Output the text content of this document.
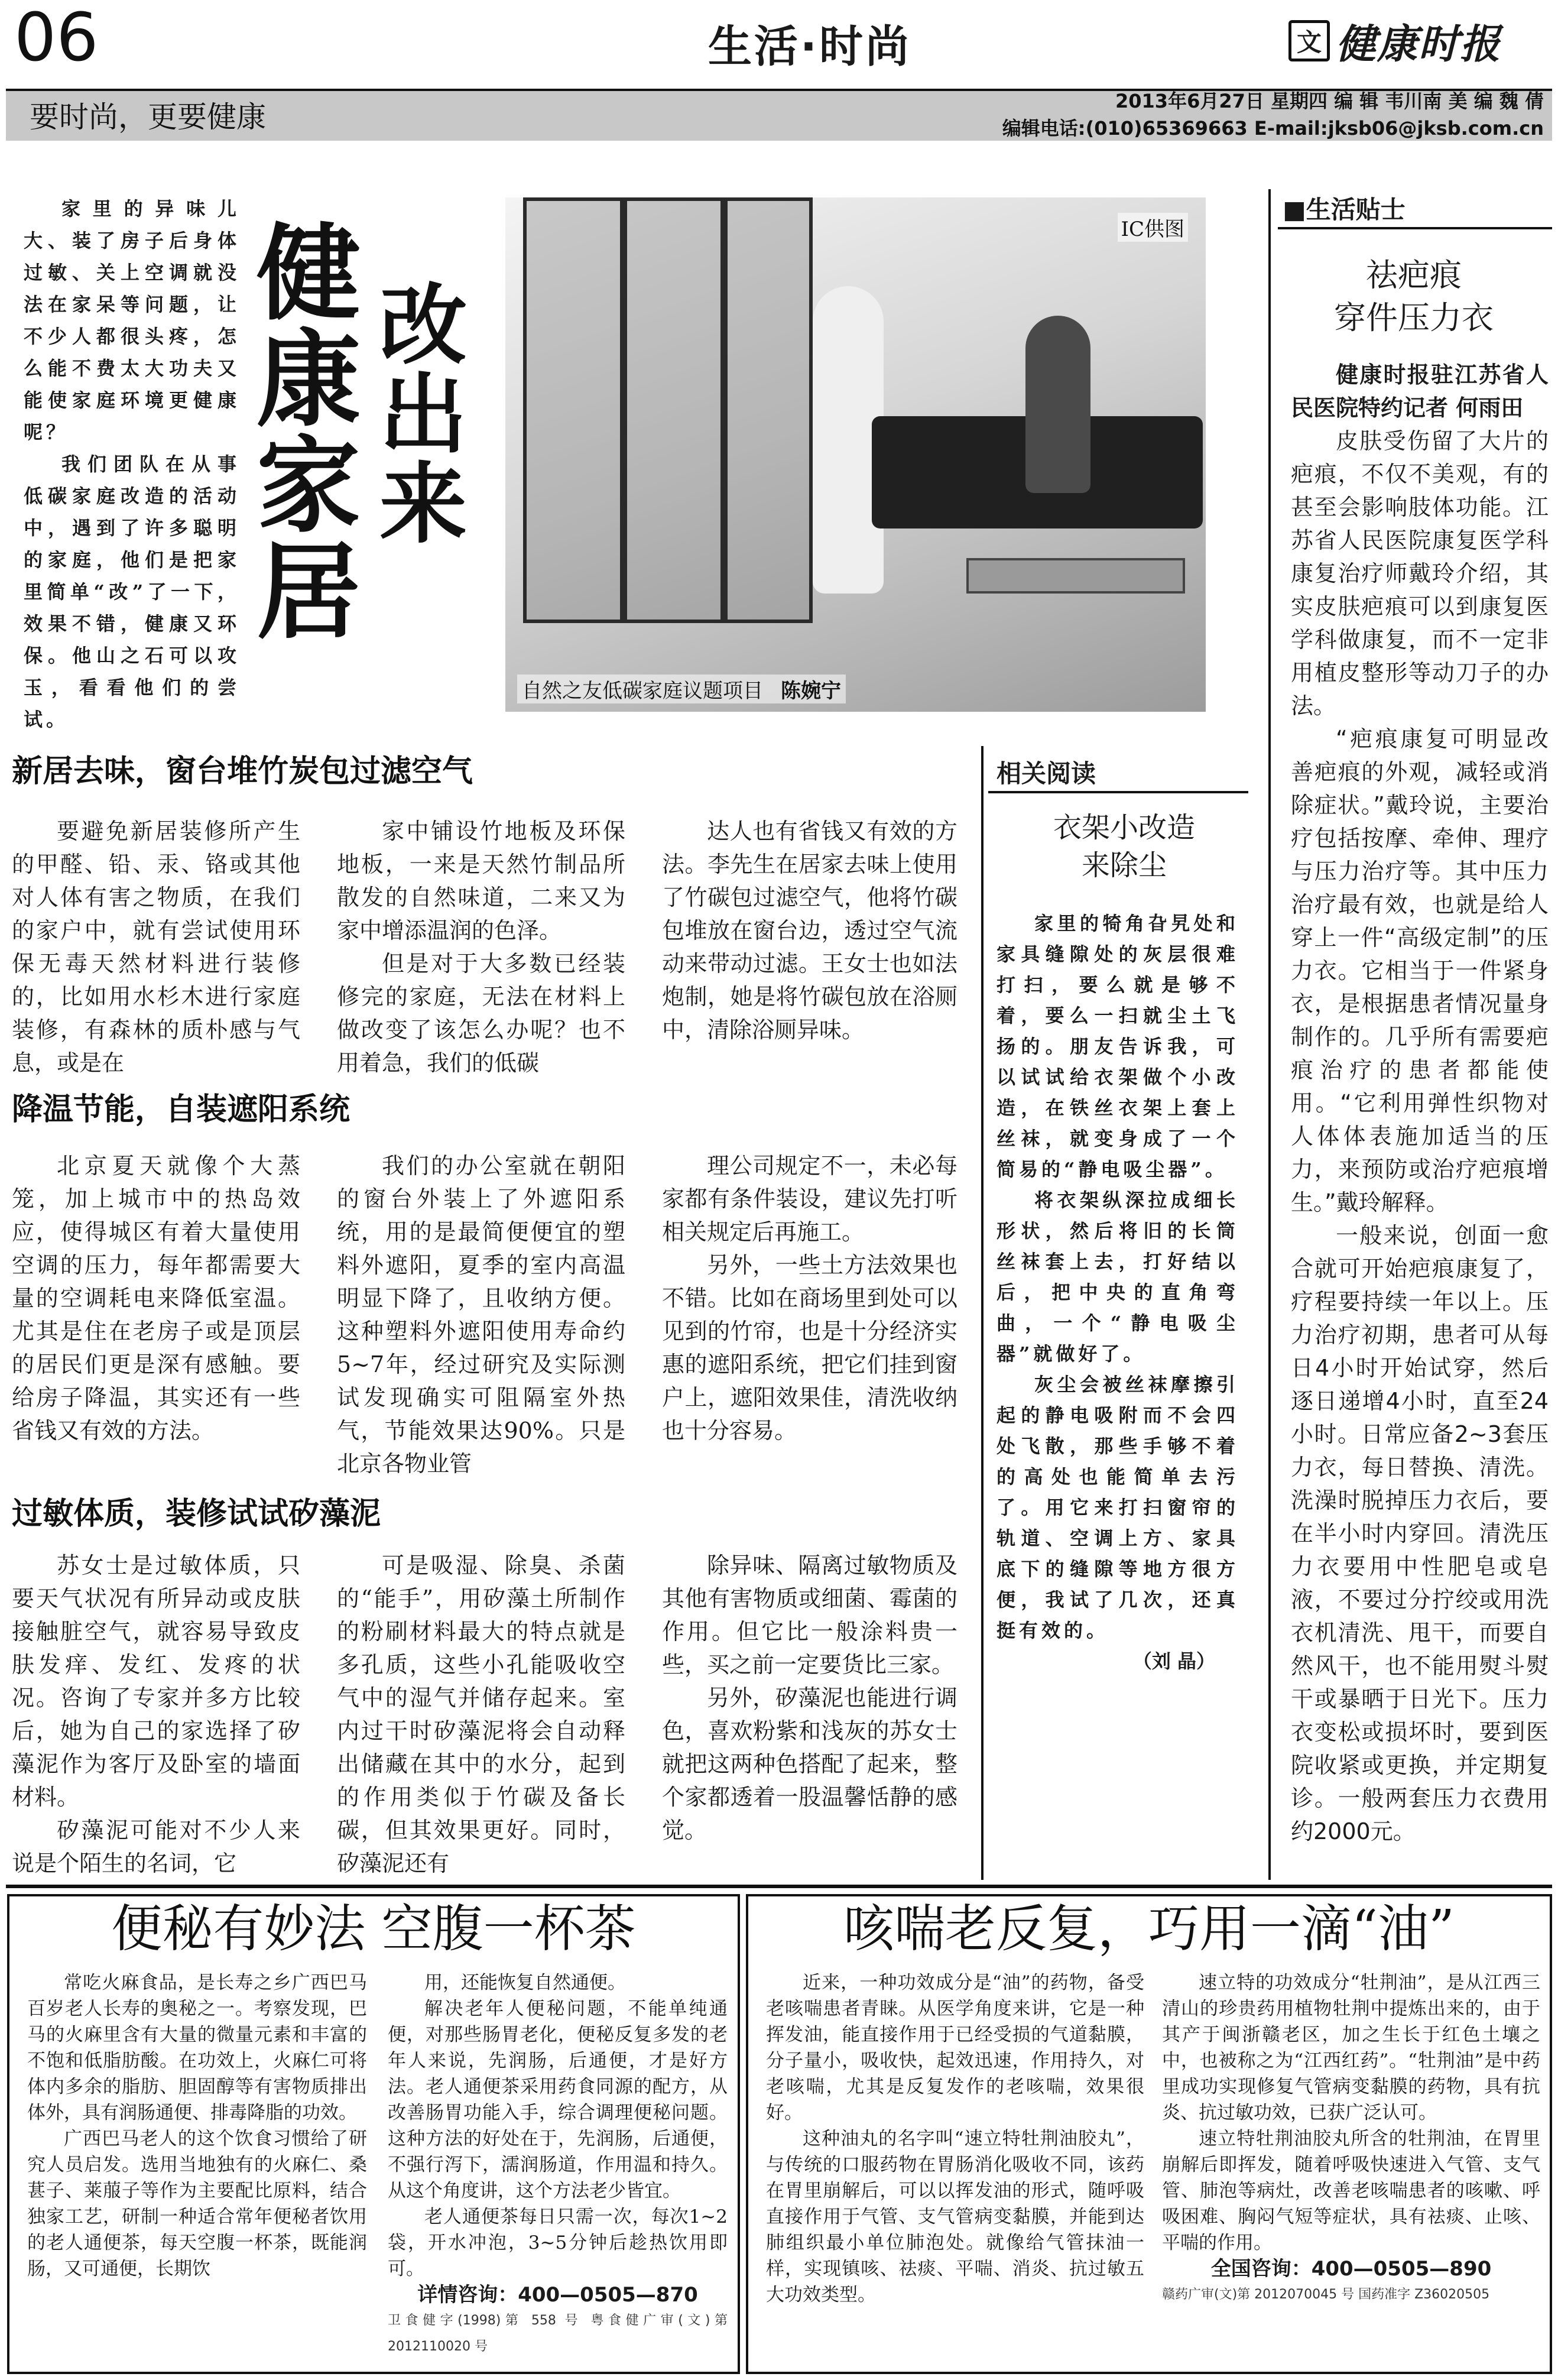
06	生活·时尚	文 健康时报
要时尚，更要健康	2013年6月27日 星期四 编 辑 韦川南 美 编 魏 倩
编辑电话:(010)65369663 E-mail:jksb06@jksb.com.cn

家里的异味儿大、装了房子后身体过敏、关上空调就没法在家呆等问题，让不少人都很头疼，怎么能不费太大功夫又能使家庭环境更健康呢？

我们团队在从事低碳家庭改造的活动中，遇到了许多聪明的家庭，他们是把家里简单“改”了一下，效果不错，健康又环保。他山之石可以攻玉，看看他们的尝试。

健
康
家
居
改
出
来
IC供图
自然之友低碳家庭议题项目 陈婉宁
新居去味，窗台堆竹炭包过滤空气

要避免新居装修所产生的甲醛、铅、汞、铬或其他对人体有害之物质，在我们的家户中，就有尝试使用环保无毒天然材料进行装修的，比如用水杉木进行家庭装修，有森林的质朴感与气息，或是在

家中铺设竹地板及环保地板，一来是天然竹制品所散发的自然味道，二来又为家中增添温润的色泽。

但是对于大多数已经装修完的家庭，无法在材料上做改变了该怎么办呢？也不用着急，我们的低碳

达人也有省钱又有效的方法。李先生在居家去味上使用了竹碳包过滤空气，他将竹碳包堆放在窗台边，透过空气流动来带动过滤。王女士也如法炮制，她是将竹碳包放在浴厕中，清除浴厕异味。

降温节能，自装遮阳系统

北京夏天就像个大蒸笼，加上城市中的热岛效应，使得城区有着大量使用空调的压力，每年都需要大量的空调耗电来降低室温。尤其是住在老房子或是顶层的居民们更是深有感触。要给房子降温，其实还有一些省钱又有效的方法。

我们的办公室就在朝阳的窗台外装上了外遮阳系统，用的是最简便便宜的塑料外遮阳，夏季的室内高温明显下降了，且收纳方便。这种塑料外遮阳使用寿命约5~7年，经过研究及实际测试发现确实可阻隔室外热气，节能效果达90%。只是北京各物业管

理公司规定不一，未必每家都有条件装设，建议先打听相关规定后再施工。

另外，一些土方法效果也不错。比如在商场里到处可以见到的竹帘，也是十分经济实惠的遮阳系统，把它们挂到窗户上，遮阳效果佳，清洗收纳也十分容易。

过敏体质，装修试试矽藻泥

苏女士是过敏体质，只要天气状况有所异动或皮肤接触脏空气，就容易导致皮肤发痒、发红、发疼的状况。咨询了专家并多方比较后，她为自己的家选择了矽藻泥作为客厅及卧室的墙面材料。

矽藻泥可能对不少人来说是个陌生的名词，它

可是吸湿、除臭、杀菌的“能手”，用矽藻土所制作的粉刷材料最大的特点就是多孔质，这些小孔能吸收空气中的湿气并储存起来。室内过干时矽藻泥将会自动释出储藏在其中的水分，起到的作用类似于竹碳及备长碳，但其效果更好。同时，矽藻泥还有

除异味、隔离过敏物质及其他有害物质或细菌、霉菌的作用。但它比一般涂料贵一些，买之前一定要货比三家。

另外，矽藻泥也能进行调色，喜欢粉紫和浅灰的苏女士就把这两种色搭配了起来，整个家都透着一股温馨恬静的感觉。

相关阅读
衣架小改造
来除尘

家里的犄角旮旯处和家具缝隙处的灰层很难打扫，要么就是够不着，要么一扫就尘土飞扬的。朋友告诉我，可以试试给衣架做个小改造，在铁丝衣架上套上丝袜，就变身成了一个简易的“静电吸尘器”。

将衣架纵深拉成细长形状，然后将旧的长筒丝袜套上去，打好结以后，把中央的直角弯曲，一个“静电吸尘器”就做好了。

灰尘会被丝袜摩擦引起的静电吸附而不会四处飞散，那些手够不着的高处也能简单去污了。用它来打扫窗帘的轨道、空调上方、家具底下的缝隙等地方很方便，我试了几次，还真挺有效的。

（刘 晶）
■生活贴士
祛疤痕
穿件压力衣

健康时报驻江苏省人民医院特约记者 何雨田

皮肤受伤留了大片的疤痕，不仅不美观，有的甚至会影响肢体功能。江苏省人民医院康复医学科康复治疗师戴玲介绍，其实皮肤疤痕可以到康复医学科做康复，而不一定非用植皮整形等动刀子的办法。

“疤痕康复可明显改善疤痕的外观，减轻或消除症状。”戴玲说，主要治疗包括按摩、牵伸、理疗与压力治疗等。其中压力治疗最有效，也就是给人穿上一件“高级定制”的压力衣。它相当于一件紧身衣，是根据患者情况量身制作的。几乎所有需要疤痕治疗的患者都能使用。“它利用弹性织物对人体体表施加适当的压力，来预防或治疗疤痕增生。”戴玲解释。

一般来说，创面一愈合就可开始疤痕康复了，疗程要持续一年以上。压力治疗初期，患者可从每日4小时开始试穿，然后逐日递增4小时，直至24小时。日常应备2~3套压力衣，每日替换、清洗。洗澡时脱掉压力衣后，要在半小时内穿回。清洗压力衣要用中性肥皂或皂液，不要过分拧绞或用洗衣机清洗、甩干，而要自然风干，也不能用熨斗熨干或暴晒于日光下。压力衣变松或损坏时，要到医院收紧或更换，并定期复诊。一般两套压力衣费用约2000元。

便秘有妙法 空腹一杯茶

常吃火麻食品，是长寿之乡广西巴马百岁老人长寿的奥秘之一。考察发现，巴马的火麻里含有大量的微量元素和丰富的不饱和低脂肪酸。在功效上，火麻仁可将体内多余的脂肪、胆固醇等有害物质排出体外，具有润肠通便、排毒降脂的功效。

广西巴马老人的这个饮食习惯给了研究人员启发。选用当地独有的火麻仁、桑葚子、莱菔子等作为主要配比原料，结合独家工艺，研制一种适合常年便秘者饮用的老人通便茶，每天空腹一杯茶，既能润肠，又可通便，长期饮

用，还能恢复自然通便。

解决老年人便秘问题，不能单纯通便，对那些肠胃老化，便秘反复多发的老年人来说，先润肠，后通便，才是好方法。老人通便茶采用药食同源的配方，从改善肠胃功能入手，综合调理便秘问题。这种方法的好处在于，先润肠，后通便，不强行泻下，濡润肠道，作用温和持久。从这个角度讲，这个方法老少皆宜。

老人通便茶每日只需一次，每次1~2袋，开水冲泡，3~5分钟后趁热饮用即可。

详情咨询：400—0505—870
卫食健字(1998)第 558 号 粤食健广审(文)第 2012110020 号
咳喘老反复，巧用一滴“油”

近来，一种功效成分是“油”的药物，备受老咳喘患者青睐。从医学角度来讲，它是一种挥发油，能直接作用于已经受损的气道黏膜，分子量小，吸收快，起效迅速，作用持久，对老咳喘，尤其是反复发作的老咳喘，效果很好。

这种油丸的名字叫“速立特牡荆油胶丸”，与传统的口服药物在胃肠消化吸收不同，该药在胃里崩解后，可以以挥发油的形式，随呼吸直接作用于气管、支气管病变黏膜，并能到达肺组织最小单位肺泡处。就像给气管抹油一样，实现镇咳、祛痰、平喘、消炎、抗过敏五大功效类型。

速立特的功效成分“牡荆油”，是从江西三清山的珍贵药用植物牡荆中提炼出来的，由于其产于闽浙赣老区，加之生长于红色土壤之中，也被称之为“江西红药”。“牡荆油”是中药里成功实现修复气管病变黏膜的药物，具有抗炎、抗过敏功效，已获广泛认可。

速立特牡荆油胶丸所含的牡荆油，在胃里崩解后即挥发，随着呼吸快速进入气管、支气管、肺泡等病灶，改善老咳喘患者的咳嗽、呼吸困难、胸闷气短等症状，具有祛痰、止咳、平喘的作用。

全国咨询：400—0505—890
赣药广审(文)第 2012070045 号 国药准字 Z36020505
